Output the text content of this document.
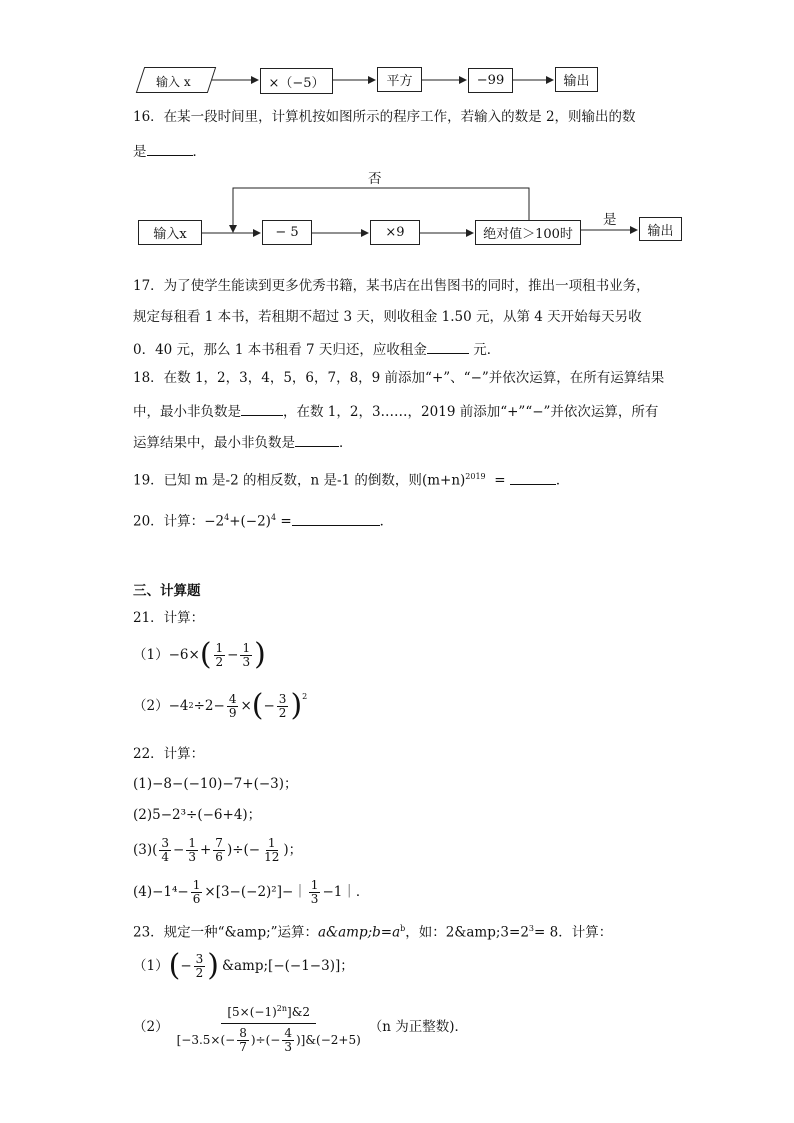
输入 x	×（−5）	平方	−99	输出
16．在某一段时间里，计算机按如图所示的程序工作，若输入的数是 2，则输出的数
是	．
否
输入x	− 5	×9	绝对值＞100时
是
输出
17．为了使学生能读到更多优秀书籍，某书店在出售图书的同时，推出一项租书业务，
规定每租看 1 本书，若租期不超过 3 天，则收租金 1.50 元，从第 4 天开始每天另收
0．40 元，那么 1 本书租看 7 天归还，应收租金	元．
18．在数 1，2，3，4，5，6，7，8，9 前添加“+”、“−”并依次运算，在所有运算结果
中，最小非负数是	，在数 1，2，3……，2019 前添加“+”“−”并依次运算，所有
运算结果中，最小非负数是	．
19．已知 m 是-2 的相反数，n 是-1 的倒数，则$(m+n)^{2019}$ =	．
20．计算：$-2^4+(-2)^4$ =	．
三、计算题
21．计算：
（1） −6× ( $\frac{1}{2} - \frac{1}{3}$ )
（2） −4 $2 \div 2- \frac{4}{9}$ × ( − $\frac{3}{2} )^2$
22．计算：
(1)−8−(−10)−7+(−3)；
(2)5−2³÷(−6+4)；
$(3)( \frac{3}{4} - \frac{1}{3} + \frac{7}{6}$ )÷(− $\frac{1}{12}$ )；
$(4)-1^4- \frac{1}{6}$ ×[3−(−2)²]−｜ $\frac{1}{3}$ −1｜．
23．规定一种“&amp;”运算：$a\&amp;b=a^b$，如：$2\&amp;3=2^3= 8$．计算：
（1） ( − $\frac{3}{2}$ ) &amp; [−(−1−3)] ；
$(2) \frac{[5\times(-1)^{2n}]\&2}{[-3.5\times(- \frac{8}{7} )\div(- \frac{4}{3} )]\&(-2+5)} (n$ 为正整数)．
